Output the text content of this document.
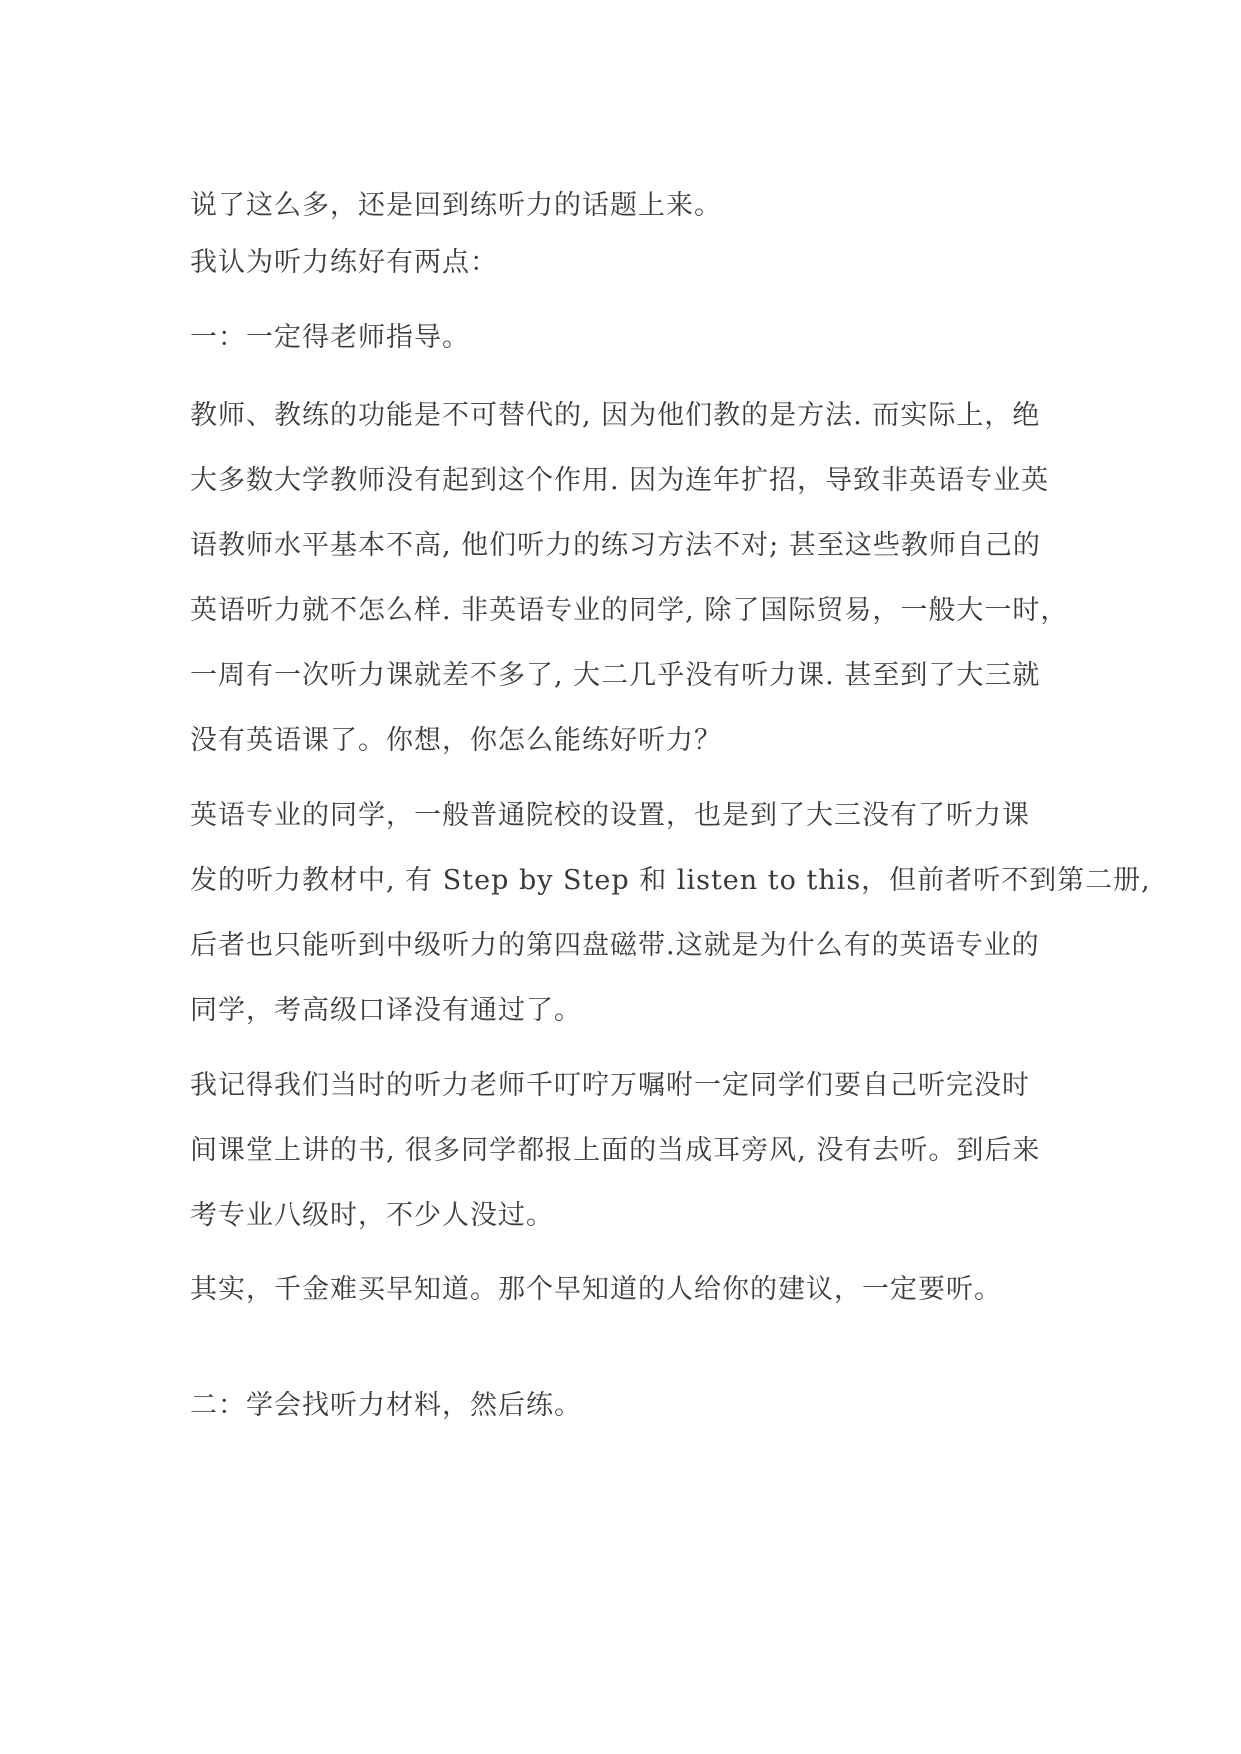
说了这么多，还是回到练听力的话题上来。
我认为听力练好有两点：
一：一定得老师指导。
教师、教练的功能是不可替代的, 因为他们教的是方法. 而实际上，绝
大多数大学教师没有起到这个作用. 因为连年扩招，导致非英语专业英
语教师水平基本不高, 他们听力的练习方法不对; 甚至这些教师自己的
英语听力就不怎么样. 非英语专业的同学, 除了国际贸易，一般大一时，
一周有一次听力课就差不多了, 大二几乎没有听力课. 甚至到了大三就
没有英语课了。你想，你怎么能练好听力？
英语专业的同学，一般普通院校的设置，也是到了大三没有了听力课
发的听力教材中, 有 Step by Step 和 listen to this，但前者听不到第二册,
后者也只能听到中级听力的第四盘磁带.这就是为什么有的英语专业的
同学，考高级口译没有通过了。
我记得我们当时的听力老师千叮咛万嘱咐一定同学们要自己听完没时
间课堂上讲的书, 很多同学都报上面的当成耳旁风, 没有去听。到后来
考专业八级时，不少人没过。
其实，千金难买早知道。那个早知道的人给你的建议，一定要听。
二：学会找听力材料，然后练。
